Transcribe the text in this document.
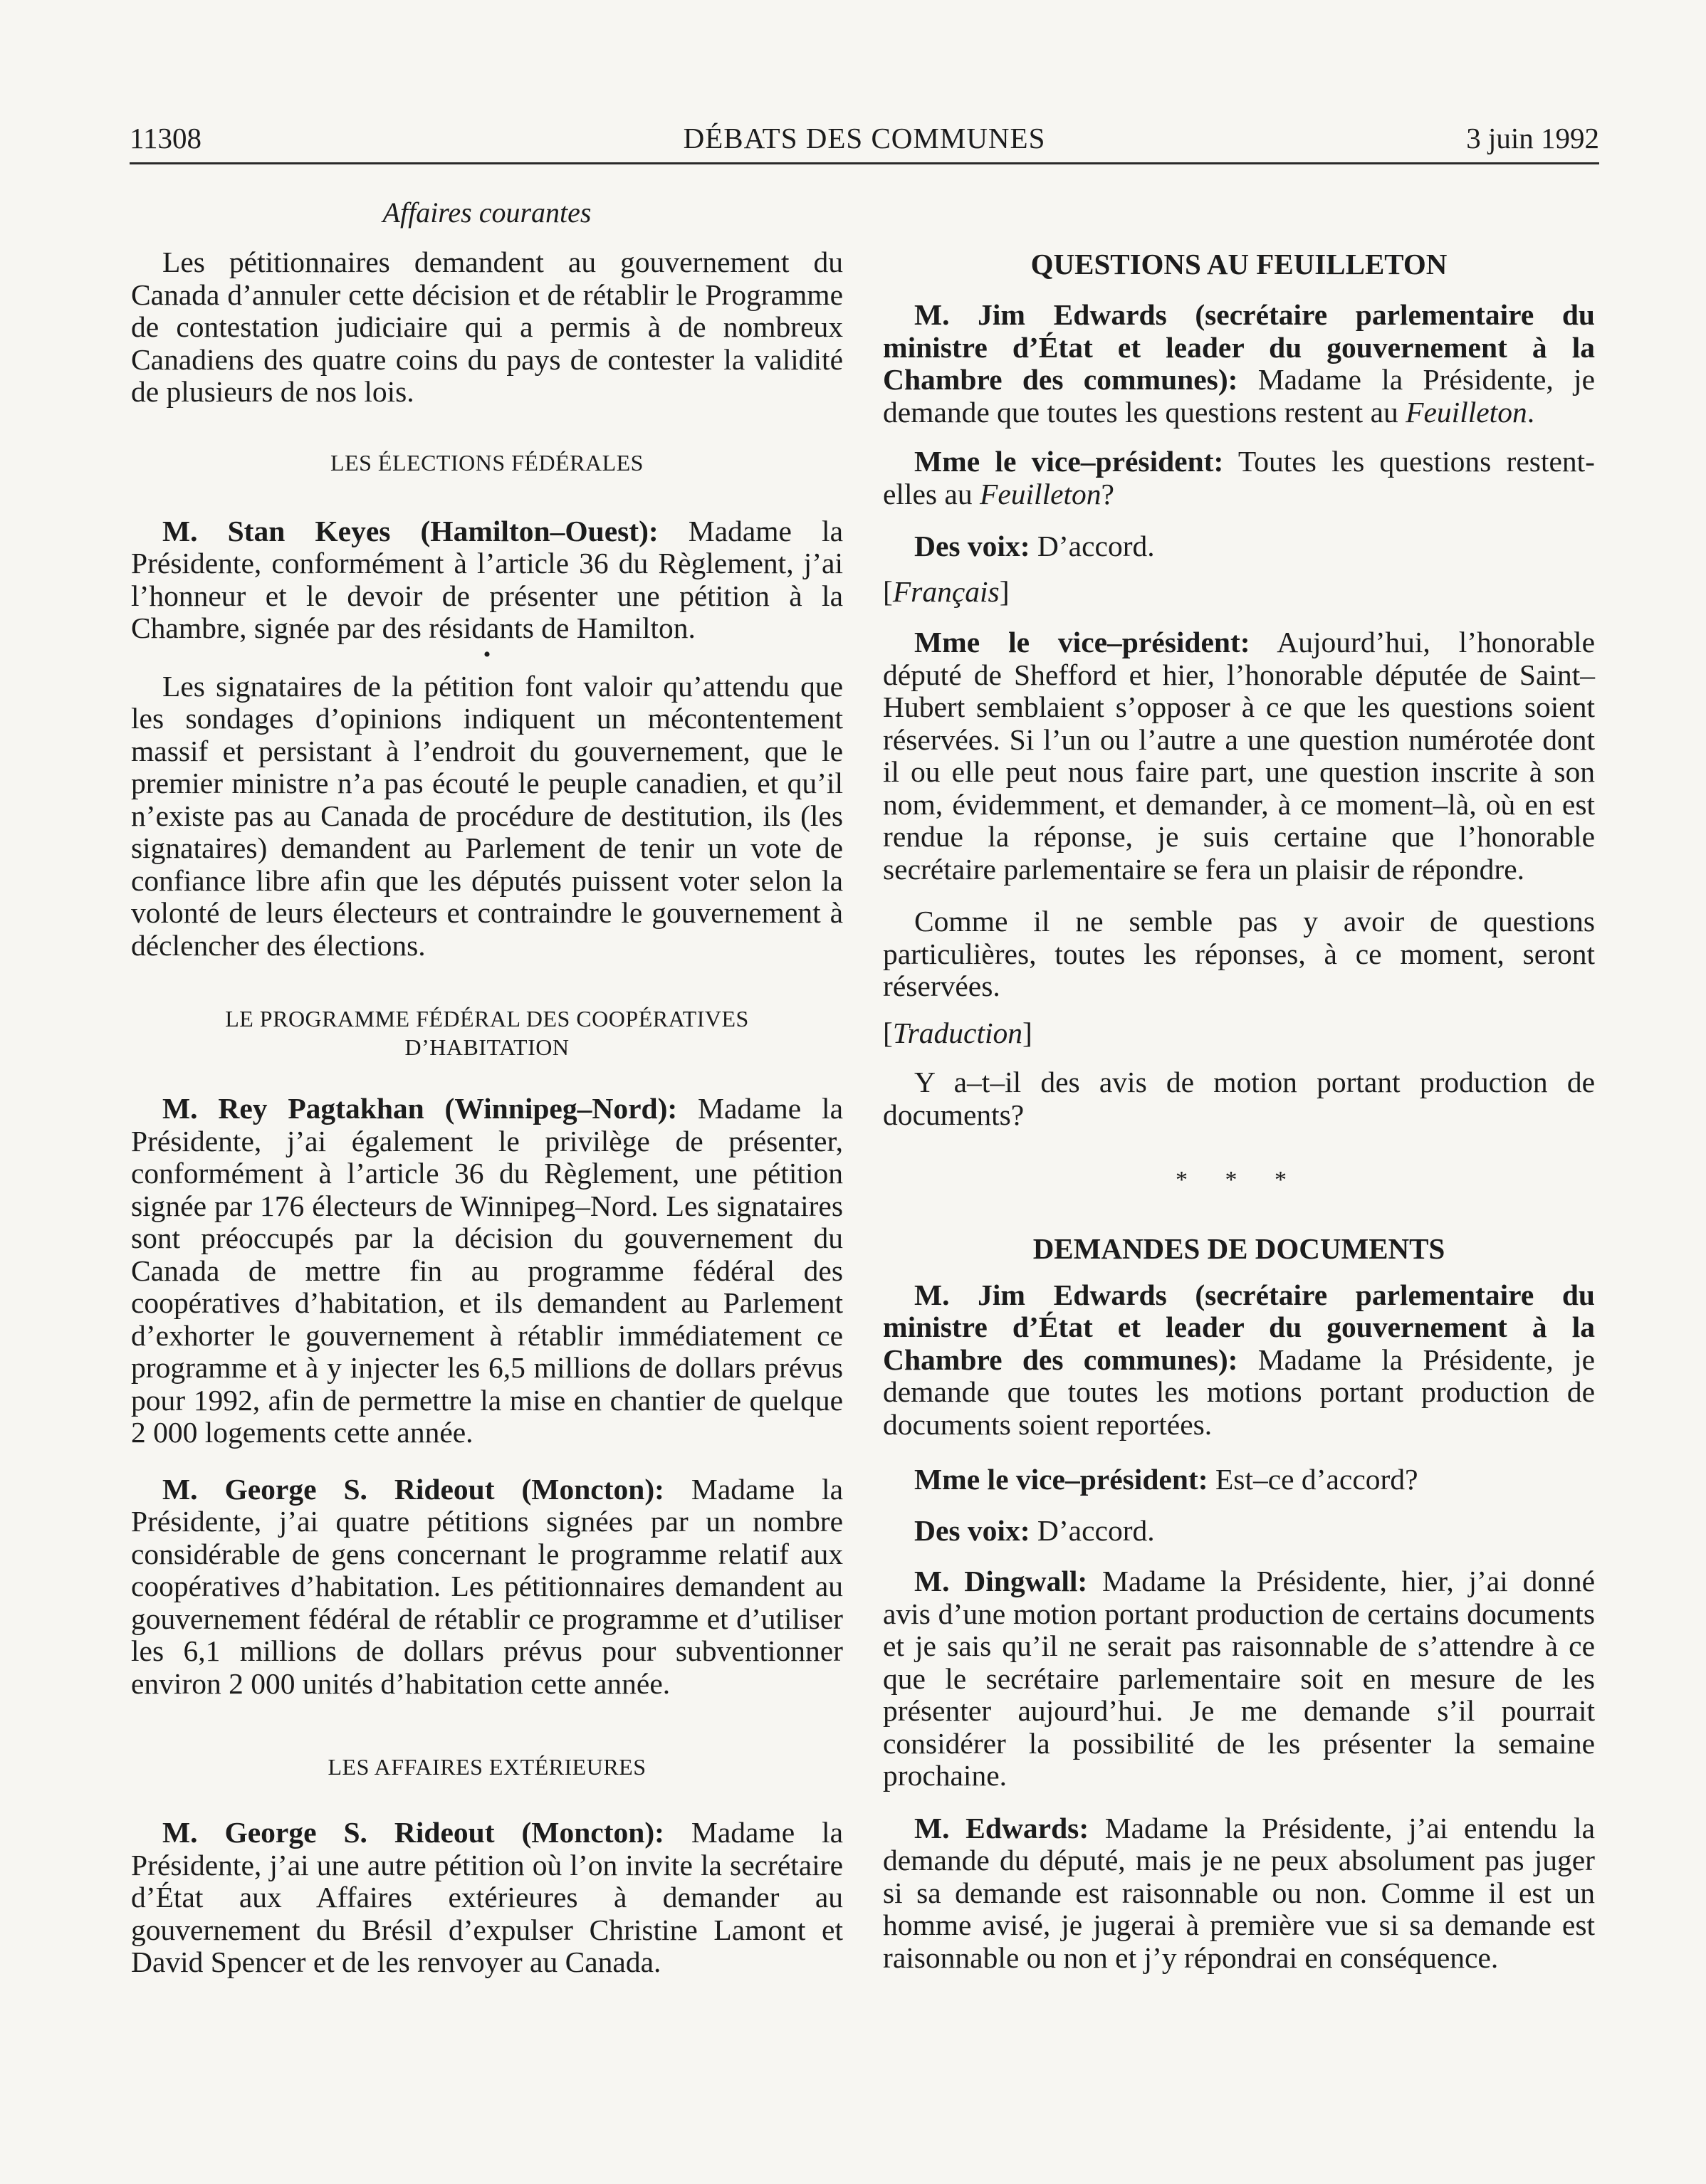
11308	DÉBATS DES COMMUNES	3 juin 1992

Affaires courantes

Les pétitionnaires demandent au gouvernement du Canada d’annuler cette décision et de rétablir le Programme de contestation judiciaire qui a permis à de nombreux Canadiens des quatre coins du pays de contester la validité de plusieurs de nos lois.

LES ÉLECTIONS FÉDÉRALES

M. Stan Keyes (Hamilton–Ouest): Madame la Présidente, conformément à l’article 36 du Règlement, j’ai l’honneur et le devoir de présenter une pétition à la Chambre, signée par des résidants de Hamilton.

•

Les signataires de la pétition font valoir qu’attendu que les sondages d’opinions indiquent un mécontentement massif et persistant à l’endroit du gouvernement, que le premier ministre n’a pas écouté le peuple canadien, et qu’il n’existe pas au Canada de procédure de destitution, ils (les signataires) demandent au Parlement de tenir un vote de confiance libre afin que les députés puissent voter selon la volonté de leurs électeurs et contraindre le gouvernement à déclencher des élections.

LE PROGRAMME FÉDÉRAL DES COOPÉRATIVES
D’HABITATION

M. Rey Pagtakhan (Winnipeg–Nord): Madame la Présidente, j’ai également le privilège de présenter, conformément à l’article 36 du Règlement, une pétition signée par 176 électeurs de Winnipeg–Nord. Les signataires sont préoccupés par la décision du gouvernement du Canada de mettre fin au programme fédéral des coopératives d’habitation, et ils demandent au Parlement d’exhorter le gouvernement à rétablir immédiatement ce programme et à y injecter les 6,5 millions de dollars prévus pour 1992, afin de permettre la mise en chantier de quelque 2 000 logements cette année.

M. George S. Rideout (Moncton): Madame la Présidente, j’ai quatre pétitions signées par un nombre considérable de gens concernant le programme relatif aux coopératives d’habitation. Les pétitionnaires demandent au gouvernement fédéral de rétablir ce programme et d’utiliser les 6,1 millions de dollars prévus pour subventionner environ 2 000 unités d’habitation cette année.

LES AFFAIRES EXTÉRIEURES

M. George S. Rideout (Moncton): Madame la Présidente, j’ai une autre pétition où l’on invite la secrétaire d’État aux Affaires extérieures à demander au gouvernement du Brésil d’expulser Christine Lamont et David Spencer et de les renvoyer au Canada.

QUESTIONS AU FEUILLETON

M. Jim Edwards (secrétaire parlementaire du ministre d’État et leader du gouvernement à la Chambre des communes): Madame la Présidente, je demande que toutes les questions restent au Feuilleton.

Mme le vice–président: Toutes les questions restent-elles au Feuilleton?

Des voix: D’accord.

[Français]

Mme le vice–président: Aujourd’hui, l’honorable député de Shefford et hier, l’honorable députée de Saint–Hubert semblaient s’opposer à ce que les questions soient réservées. Si l’un ou l’autre a une question numérotée dont il ou elle peut nous faire part, une question inscrite à son nom, évidemment, et demander, à ce moment–là, où en est rendue la réponse, je suis certaine que l’honorable secrétaire parlementaire se fera un plaisir de répondre.

Comme il ne semble pas y avoir de questions particulières, toutes les réponses, à ce moment, seront réservées.

[Traduction]

Y a–t–il des avis de motion portant production de documents?

* * *

DEMANDES DE DOCUMENTS

M. Jim Edwards (secrétaire parlementaire du ministre d’État et leader du gouvernement à la Chambre des communes): Madame la Présidente, je demande que toutes les motions portant production de documents soient reportées.

Mme le vice–président: Est–ce d’accord?

Des voix: D’accord.

M. Dingwall: Madame la Présidente, hier, j’ai donné avis d’une motion portant production de certains documents et je sais qu’il ne serait pas raisonnable de s’attendre à ce que le secrétaire parlementaire soit en mesure de les présenter aujourd’hui. Je me demande s’il pourrait considérer la possibilité de les présenter la semaine prochaine.

M. Edwards: Madame la Présidente, j’ai entendu la demande du député, mais je ne peux absolument pas juger si sa demande est raisonnable ou non. Comme il est un homme avisé, je jugerai à première vue si sa demande est raisonnable ou non et j’y répondrai en conséquence.
